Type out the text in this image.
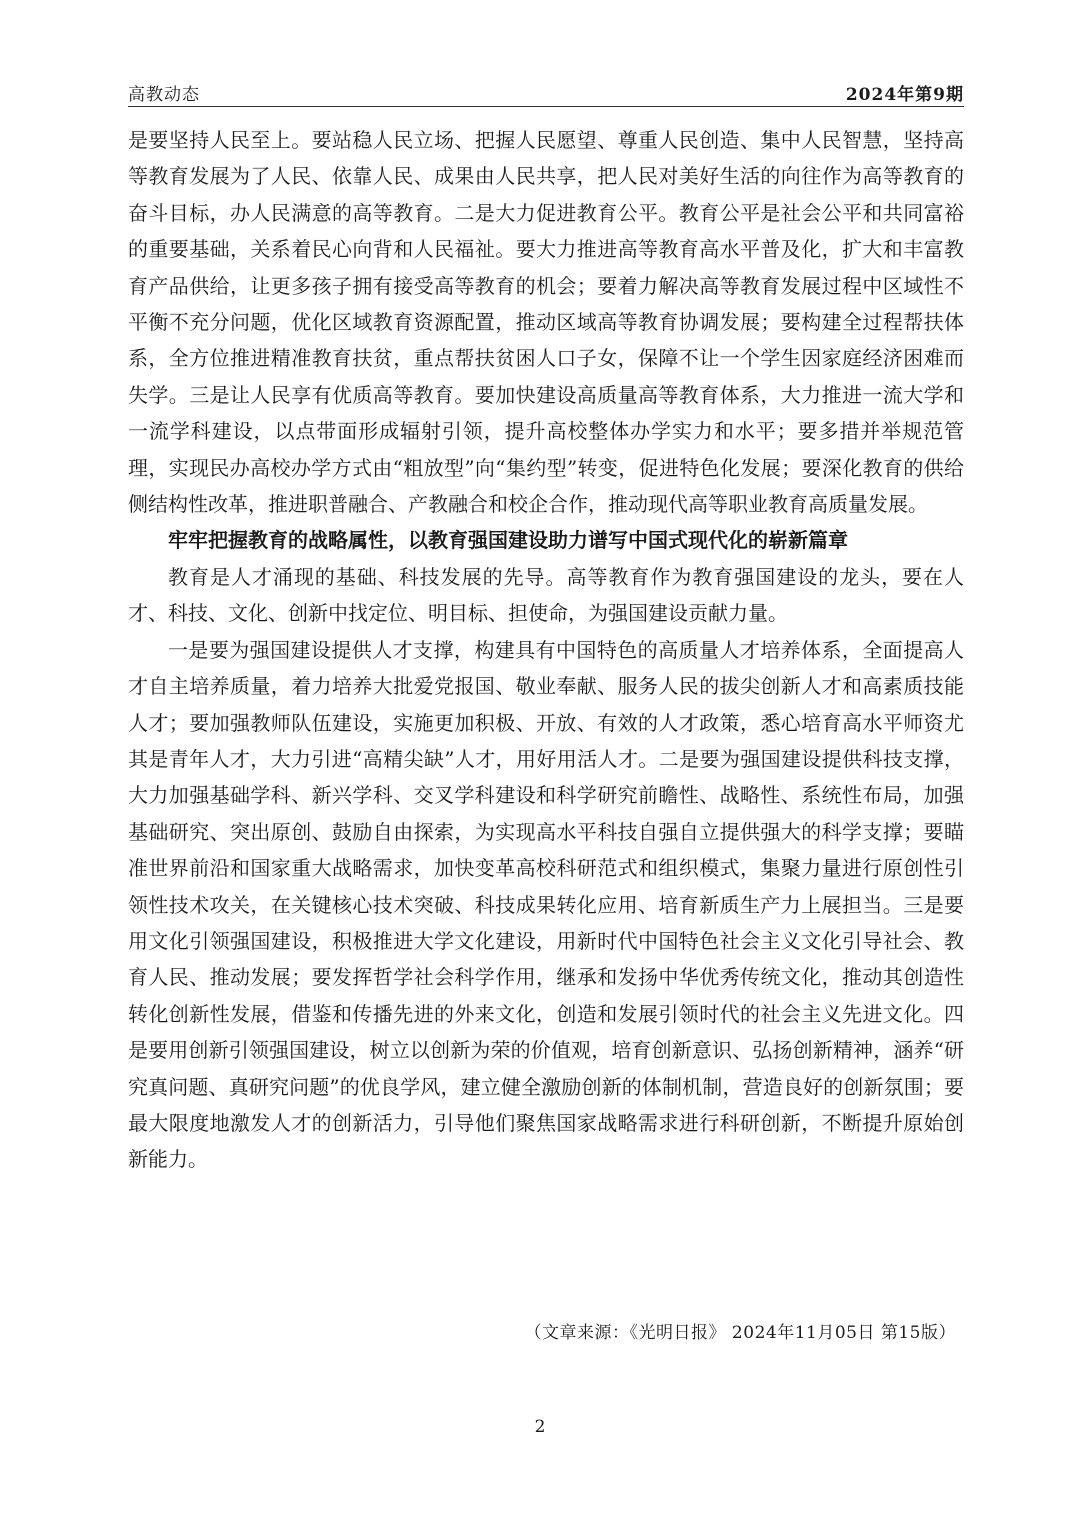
高教动态	2024年第9期

是要坚持人民至上。要站稳人民立场、把握人民愿望、尊重人民创造、集中人民智慧，坚持高等教育发展为了人民、依靠人民、成果由人民共享，把人民对美好生活的向往作为高等教育的奋斗目标，办人民满意的高等教育。二是大力促进教育公平。教育公平是社会公平和共同富裕的重要基础，关系着民心向背和人民福祉。要大力推进高等教育高水平普及化，扩大和丰富教育产品供给，让更多孩子拥有接受高等教育的机会；要着力解决高等教育发展过程中区域性不平衡不充分问题，优化区域教育资源配置，推动区域高等教育协调发展；要构建全过程帮扶体系，全方位推进精准教育扶贫，重点帮扶贫困人口子女，保障不让一个学生因家庭经济困难而失学。三是让人民享有优质高等教育。要加快建设高质量高等教育体系，大力推进一流大学和一流学科建设，以点带面形成辐射引领，提升高校整体办学实力和水平；要多措并举规范管理，实现民办高校办学方式由“粗放型”向“集约型”转变，促进特色化发展；要深化教育的供给侧结构性改革，推进职普融合、产教融合和校企合作，推动现代高等职业教育高质量发展。

牢牢把握教育的战略属性，以教育强国建设助力谱写中国式现代化的崭新篇章

教育是人才涌现的基础、科技发展的先导。高等教育作为教育强国建设的龙头，要在人才、科技、文化、创新中找定位、明目标、担使命，为强国建设贡献力量。

一是要为强国建设提供人才支撑，构建具有中国特色的高质量人才培养体系，全面提高人才自主培养质量，着力培养大批爱党报国、敬业奉献、服务人民的拔尖创新人才和高素质技能人才；要加强教师队伍建设，实施更加积极、开放、有效的人才政策，悉心培育高水平师资尤其是青年人才，大力引进“高精尖缺”人才，用好用活人才。二是要为强国建设提供科技支撑，大力加强基础学科、新兴学科、交叉学科建设和科学研究前瞻性、战略性、系统性布局，加强基础研究、突出原创、鼓励自由探索，为实现高水平科技自强自立提供强大的科学支撑；要瞄准世界前沿和国家重大战略需求，加快变革高校科研范式和组织模式，集聚力量进行原创性引领性技术攻关，在关键核心技术突破、科技成果转化应用、培育新质生产力上展担当。三是要用文化引领强国建设，积极推进大学文化建设，用新时代中国特色社会主义文化引导社会、教育人民、推动发展；要发挥哲学社会科学作用，继承和发扬中华优秀传统文化，推动其创造性转化创新性发展，借鉴和传播先进的外来文化，创造和发展引领时代的社会主义先进文化。四是要用创新引领强国建设，树立以创新为荣的价值观，培育创新意识、弘扬创新精神，涵养“研究真问题、真研究问题”的优良学风，建立健全激励创新的体制机制，营造良好的创新氛围；要最大限度地激发人才的创新活力，引导他们聚焦国家战略需求进行科研创新，不断提升原始创新能力。

（文章来源：《光明日报》 2024年11月05日 第15版）
2
